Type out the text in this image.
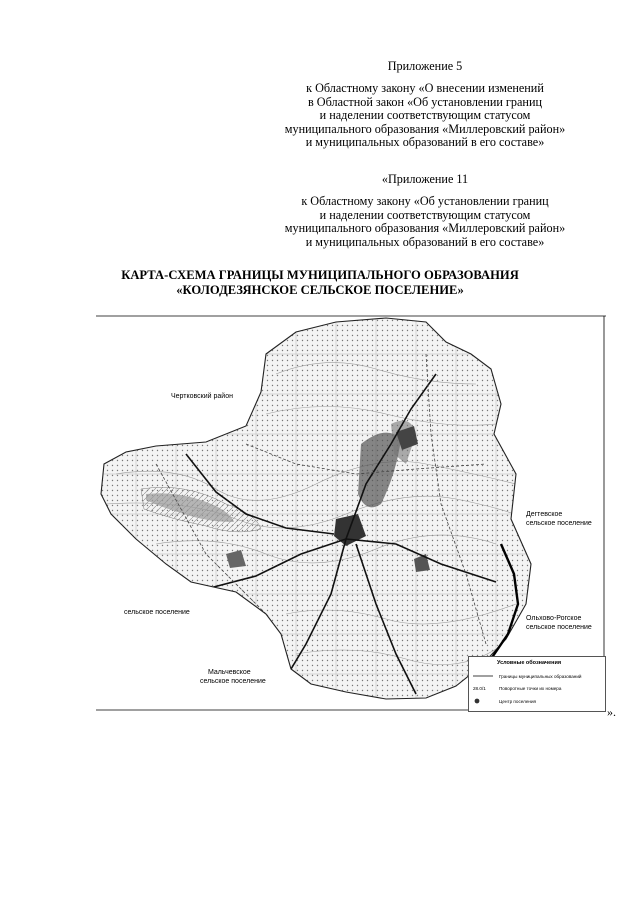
Приложение 5
к Областному закону «О внесении изменений
в Областной закон «Об установлении границ
и наделении соответствующим статусом
муниципального образования «Миллеровский район»
и муниципальных образований в его составе»
«Приложение 11
к Областному закону «Об установлении границ
и наделении соответствующим статусом
муниципального образования «Миллеровский район»
и муниципальных образований в его составе»
КАРТА-СХЕМА ГРАНИЦЫ МУНИЦИПАЛЬНОГО ОБРАЗОВАНИЯ
«КОЛОДЕЗЯНСКОЕ СЕЛЬСКОЕ ПОСЕЛЕНИЕ»
Чертковский район
Дегтевское
сельское поселение
сельское поселение
Ольхово-Рогское
сельское поселение
Мальчевское
сельское поселение
Условные обозначения
Границы муниципальных образований
28.0/1	Поворотные точки их номера
Центр поселения
».
